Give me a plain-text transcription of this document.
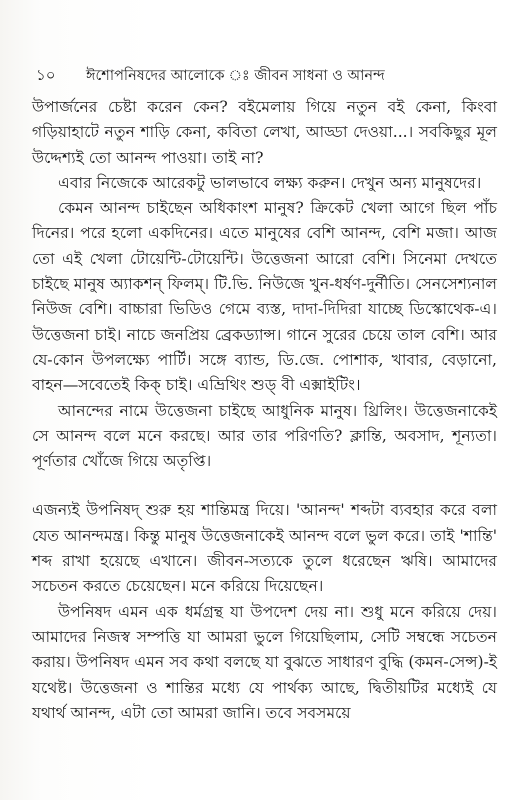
১০	ঈশোপনিষদের আলোকে ঃ জীবন সাধনা ও আনন্দ

উপার্জনের চেষ্টা করেন কেন? বইমেলায় গিয়ে নতুন বই কেনা, কিংবা গড়িয়াহাটে নতুন শাড়ি কেনা, কবিতা লেখা, আড্ডা দেওয়া...। সবকিছুর মূল উদ্দেশ্যই তো আনন্দ পাওয়া। তাই না?

এবার নিজেকে আরেকটু ভালভাবে লক্ষ্য করুন। দেখুন অন্য মানুষদের।

কেমন আনন্দ চাইছেন অধিকাংশ মানুষ? ক্রিকেট খেলা আগে ছিল পাঁচ দিনের। পরে হলো একদিনের। এতে মানুষের বেশি আনন্দ, বেশি মজা। আজ তো এই খেলা টোয়েন্টি-টোয়েন্টি। উত্তেজনা আরো বেশি। সিনেমা দেখতে চাইছে মানুষ অ্যাকশন্ ফিলম্। টি.ভি. নিউজে খুন-ধর্ষণ-দুর্নীতি। সেনসেশ্যনাল নিউজ বেশি। বাচ্চারা ভিডিও গেমে ব্যস্ত, দাদা-দিদিরা যাচ্ছে ডিস্কোথেক-এ। উত্তেজনা চাই। নাচে জনপ্রিয় ব্রেকড্যান্স। গানে সুরের চেয়ে তাল বেশি। আর যে-কোন উপলক্ষ্যে পার্টি। সঙ্গে ব্যান্ড, ডি.জে. পোশাক, খাবার, বেড়ানো, বাহন—সবেতেই কিক্ চাই। এভ্রিথিং শুড্ বী এক্সাইটিং।

আনন্দের নামে উত্তেজনা চাইছে আধুনিক মানুষ। থ্রিলিং। উত্তেজনাকেই সে আনন্দ বলে মনে করছে। আর তার পরিণতি? ক্লান্তি, অবসাদ, শূন্যতা। পূর্ণতার খোঁজে গিয়ে অতৃপ্তি।

এজন্যই উপনিষদ্ শুরু হয় শান্তিমন্ত্র দিয়ে। 'আনন্দ' শব্দটা ব্যবহার করে বলা যেত আনন্দমন্ত্র। কিন্তু মানুষ উত্তেজনাকেই আনন্দ বলে ভুল করে। তাই 'শান্তি' শব্দ রাখা হয়েছে এখানে। জীবন-সত্যকে তুলে ধরেছেন ঋষি। আমাদের সচেতন করতে চেয়েছেন। মনে করিয়ে দিয়েছেন।

উপনিষদ এমন এক ধর্মগ্রন্থ যা উপদেশ দেয় না। শুধু মনে করিয়ে দেয়। আমাদের নিজস্ব সম্পত্তি যা আমরা ভুলে গিয়েছিলাম, সেটি সম্বন্ধে সচেতন করায়। উপনিষদ এমন সব কথা বলছে যা বুঝতে সাধারণ বুদ্ধি (কমন-সেন্স)-ই যথেষ্ট। উত্তেজনা ও শান্তির মধ্যে যে পার্থক্য আছে, দ্বিতীয়টির মধ্যেই যে যথার্থ আনন্দ, এটা তো আমরা জানি। তবে সবসময়ে
